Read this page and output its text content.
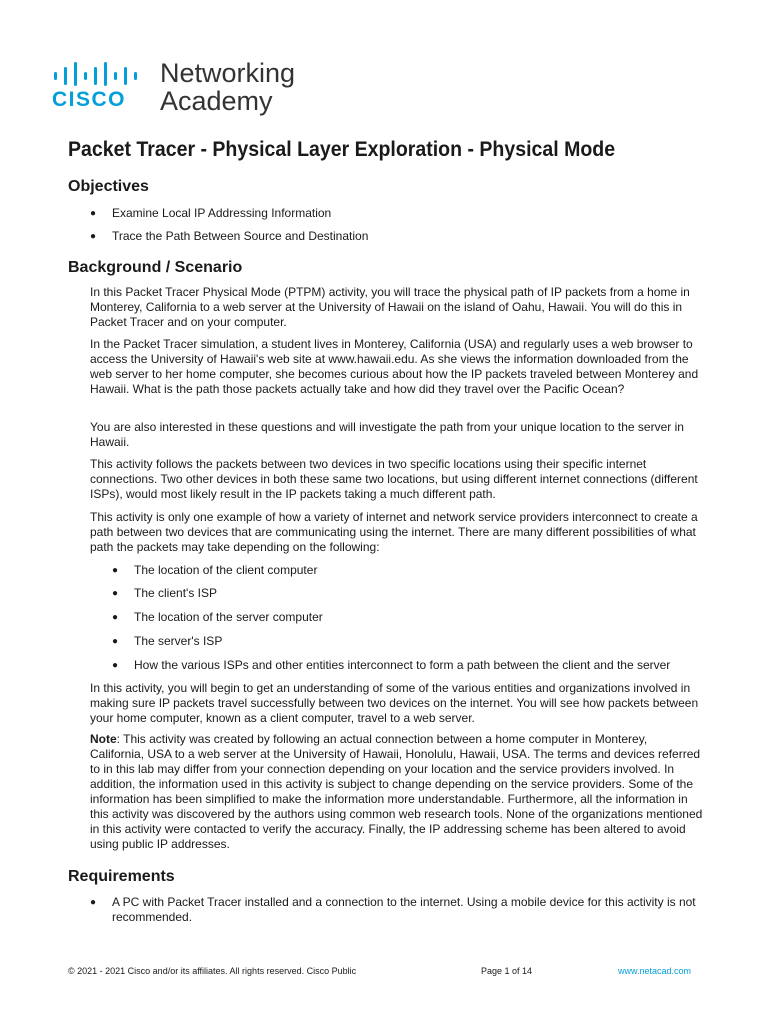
CISCO
Networking
Academy
Packet Tracer - Physical Layer Exploration - Physical Mode
Objectives
● Examine Local IP Addressing Information
● Trace the Path Between Source and Destination
Background / Scenario

In this Packet Tracer Physical Mode (PTPM) activity, you will trace the physical path of IP packets from a home in Monterey, California to a web server at the University of Hawaii on the island of Oahu, Hawaii. You will do this in Packet Tracer and on your computer.

In the Packet Tracer simulation, a student lives in Monterey, California (USA) and regularly uses a web browser to access the University of Hawaii's web site at www.hawaii.edu. As she views the information downloaded from the web server to her home computer, she becomes curious about how the IP packets traveled between Monterey and Hawaii. What is the path those packets actually take and how did they travel over the Pacific Ocean?

You are also interested in these questions and will investigate the path from your unique location to the server in Hawaii.

This activity follows the packets between two devices in two specific locations using their specific internet connections. Two other devices in both these same two locations, but using different internet connections (different ISPs), would most likely result in the IP packets taking a much different path.

This activity is only one example of how a variety of internet and network service providers interconnect to create a path between two devices that are communicating using the internet. There are many different possibilities of what path the packets may take depending on the following:

● The location of the client computer
● The client's ISP
● The location of the server computer
● The server's ISP
● How the various ISPs and other entities interconnect to form a path between the client and the server

In this activity, you will begin to get an understanding of some of the various entities and organizations involved in making sure IP packets travel successfully between two devices on the internet. You will see how packets between your home computer, known as a client computer, travel to a web server.

Note: This activity was created by following an actual connection between a home computer in Monterey, California, USA to a web server at the University of Hawaii, Honolulu, Hawaii, USA. The terms and devices referred to in this lab may differ from your connection depending on your location and the service providers involved. In addition, the information used in this activity is subject to change depending on the service providers. Some of the information has been simplified to make the information more understandable. Furthermore, all the information in this activity was discovered by the authors using common web research tools. None of the organizations mentioned in this activity were contacted to verify the accuracy. Finally, the IP addressing scheme has been altered to avoid using public IP addresses.

Requirements
● A PC with Packet Tracer installed and a connection to the internet. Using a mobile device for this activity is not recommended.
© 2021 - 2021 Cisco and/or its affiliates. All rights reserved. Cisco Public	Page 1 of 14	www.netacad.com
